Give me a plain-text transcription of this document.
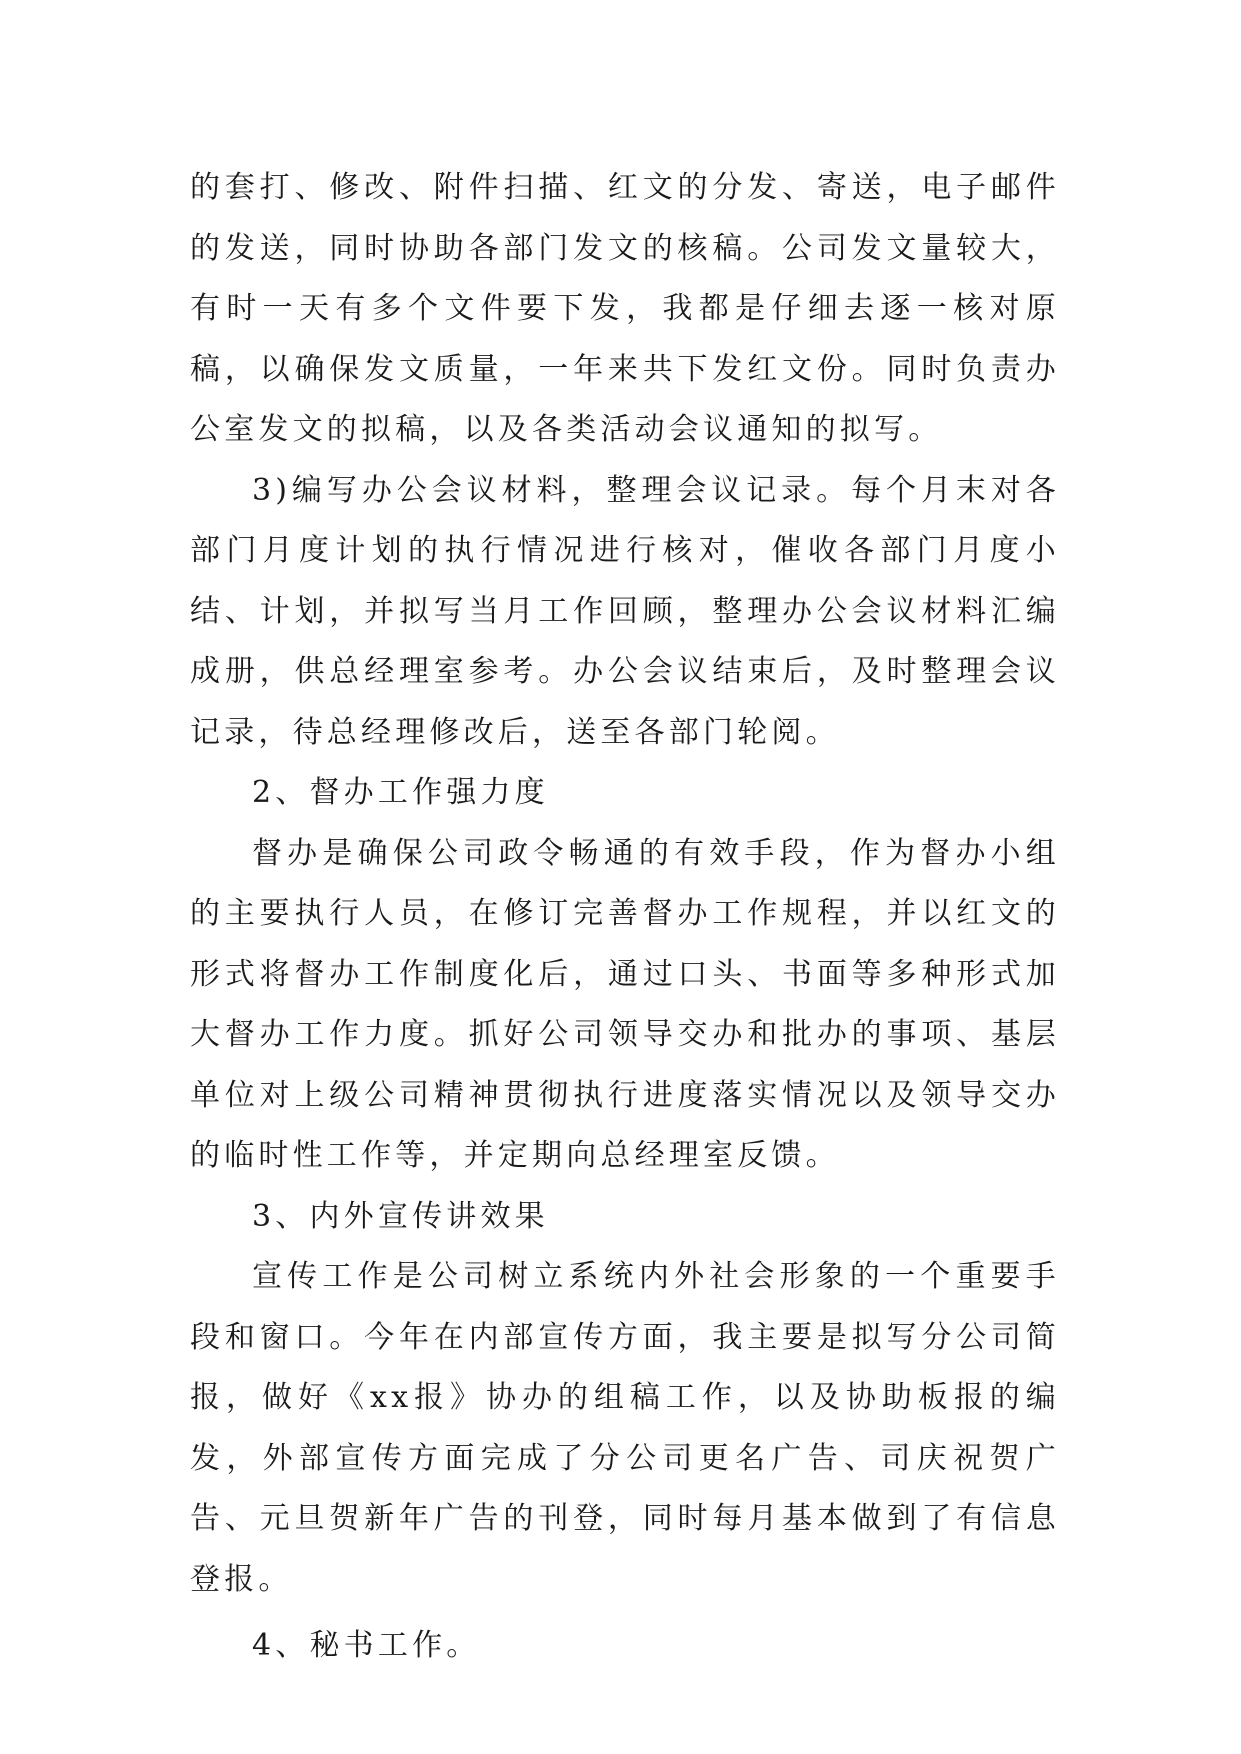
的套打、修改、附件扫描、红文的分发、寄送，电子邮件的发送，同时协助各部门发文的核稿。公司发文量较大，有时一天有多个文件要下发，我都是仔细去逐一核对原稿，以确保发文质量，一年来共下发红文份。同时负责办公室发文的拟稿，以及各类活动会议通知的拟写。

3)编写办公会议材料，整理会议记录。每个月末对各部门月度计划的执行情况进行核对，催收各部门月度小结、计划，并拟写当月工作回顾，整理办公会议材料汇编成册，供总经理室参考。办公会议结束后，及时整理会议记录，待总经理修改后，送至各部门轮阅。

2、督办工作强力度

督办是确保公司政令畅通的有效手段，作为督办小组的主要执行人员，在修订完善督办工作规程，并以红文的形式将督办工作制度化后，通过口头、书面等多种形式加大督办工作力度。抓好公司领导交办和批办的事项、基层单位对上级公司精神贯彻执行进度落实情况以及领导交办的临时性工作等，并定期向总经理室反馈。

3、内外宣传讲效果

宣传工作是公司树立系统内外社会形象的一个重要手段和窗口。今年在内部宣传方面，我主要是拟写分公司简报，做好《xx报》协办的组稿工作，以及协助板报的编发，外部宣传方面完成了分公司更名广告、司庆祝贺广告、元旦贺新年广告的刊登，同时每月基本做到了有信息登报。

4、秘书工作。
